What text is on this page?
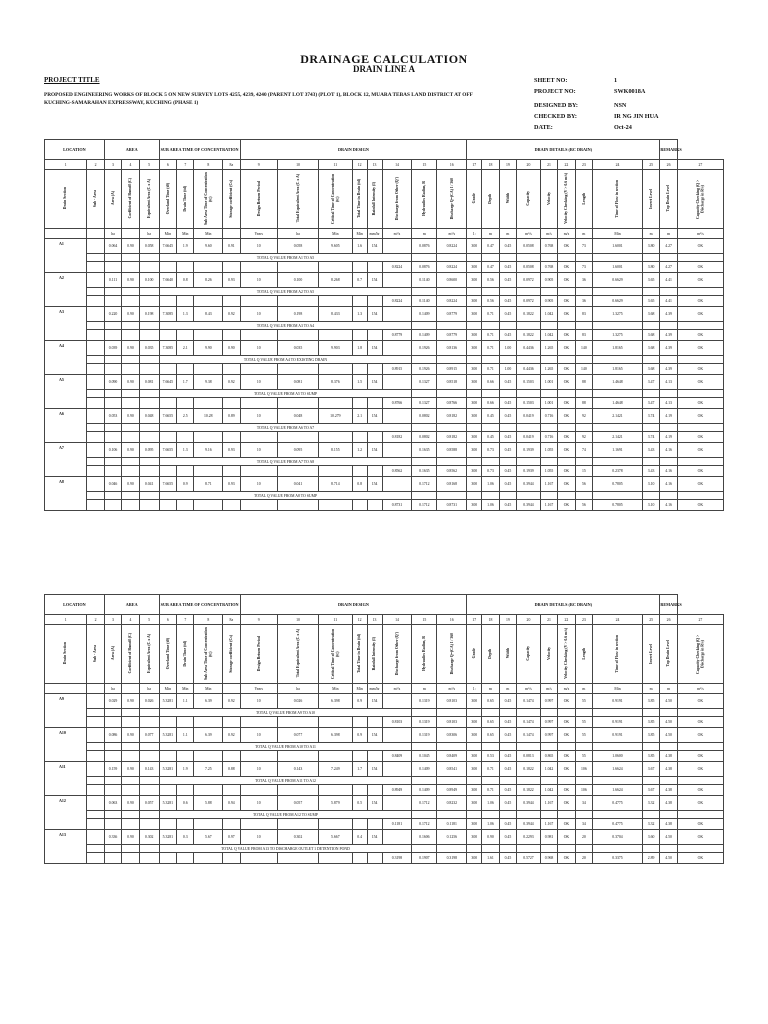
DRAINAGE CALCULATION
DRAIN LINE A
PROJECT TITLE
PROPOSED ENGINEERING WORKS OF BLOCK 5 ON NEW SURVEY LOTS 4255, 4239, 4240 (PARENT LOT 3743) (PLOT 1), BLOCK 12, MUARA TEBAS LAND DISTRICT AT OFF KUCHING-SAMARAHAN EXPRESSWAY, KUCHING (PHASE 1)
SHEET NO:	1
PROJECT NO:	SWK0018A
DESIGNED BY:	NSN
CHECKED BY:	IR NG JIN HUA
DATE:	Oct-24
LOCATION		AREA			SUB AREA TIME OF CONCENTRATION				DRAIN DESIGN								DRAIN DETAILS (RC DRAIN)									REMARKS	
1	2	3	4	5	6	7	8	8a	9	10	11	12	13	14	15	16	17	18	19	20	21	22	23	24	25	26	27
Drain Section	Sub - Area	Area (A)	Coefficient of Runoff (C)	Equivalent Area (C x A)	Overland Time (t0)	Drain Time (td)	Sub Area Time of Concentration (tc)	Storage coefficient (Cs)	Design Return Period	Total Equivalent Area (C x A)	Critical Time of Concentration (tc)	Total Time in Drain (td)	Rainfall Intensity (I)	Discharge from Other (Q')	Hydraulics Radius, R	Discharge Q=(CA) I / 360	Grade	Depth	Width	Capacity	Velocity	Velocity Checking (V > 0.6 m/s)	Length	Time of Flow in section	Invert Level	Top Drain Level	Capacity Checking (Q > Discharge in R/s)
		ha		ha	Min	Min	Min		Years	ha	Min	Min	mm/hr	m³/s	m	m³/s	1:	m	m	m³/s	m/s	m/s	m	Min	m	m	m³/s
A1		0.064	0.90	0.058	7.6645	1.9	9.60	0.91	10	0.058	9.605	1.6	154		0.0876	0.8224	300	0.47	0.45	0.0508	0.768	OK	73	1.6001	3.80	4.27	OK
					TOTAL Q VALUE FROM A1 TO A5																						
														0.8224	0.0876	0.8224	300	0.47	0.45	0.0508	0.768	OK	73	1.6001	3.80	4.27	OK
A2		0.111	0.90	0.100	7.6640	0.8	8.26	0.93	10	0.100	8.268	0.7	154		0.1140	0.8600	300	0.56	0.45	0.0972	0.905	OK	36	0.6629	3.65	4.41	OK
					TOTAL Q VALUE FROM A2 TO A5																						
														0.8224	0.1140	0.8224	300	0.56	0.45	0.0972	0.905	OK	36	0.6629	3.65	4.41	OK
A3		0.220	0.90	0.198	7.3085	1.3	8.43	0.92	10	0.198	8.433	1.3	154		0.1409	0.8779	300	0.71	0.45	0.1822	1.042	OK	83	1.3275	3.68	4.39	OK
					TOTAL Q VALUE FROM A3 TO A4																						
														0.8779	0.1409	0.8779	300	0.71	0.45	0.1822	1.042	OK	83	1.3275	3.68	4.39	OK
A4		0.039	0.90	0.035	7.3085	2.1	9.90	0.90	10	0.035	9.903	1.8	154		0.1926	0.8136	300	0.71	1.00	0.4436	1.265	OK	140	1.8165	3.68	4.39	OK
					TOTAL Q VALUE FROM A4 TO EXISTING DRAIN																						
														0.8915	0.1926	0.8915	300	0.71	1.00	0.4436	1.265	OK	140	1.8165	3.68	4.39	OK
A5		0.090	0.90	0.081	7.6645	1.7	9.38	0.92	10	0.081	8.376	1.5	154		0.1327	0.8518	300	0.66	0.45	0.1503	1.001	OK	88	1.4648	3.47	4.13	OK
					TOTAL Q VALUE FROM A5 TO SUMP																						
														0.8766	0.1327	0.8766	300	0.66	0.45	0.1503	1.001	OK	88	1.4648	3.47	4.13	OK
A6		0.053	0.90	0.048	7.6655	2.5	10.28	0.89	10	0.048	10.279	2.1	154		0.0802	0.8182	300	0.45	0.45	0.0419	0.716	OK	92	2.1421	3.74	4.19	OK
					TOTAL Q VALUE FROM A6 TO A7																						
														0.8182	0.0802	0.8182	300	0.45	0.45	0.0419	0.716	OK	92	2.1421	3.74	4.19	OK
A7		0.106	0.90	0.095	7.6655	1.3	9.16	0.93	10	0.095	8.155	1.2	154		0.1635	0.8588	300	0.73	0.45	0.1939	1.055	OK	74	1.1691	3.43	4.16	OK
					TOTAL Q VALUE FROM A7 TO A8																						
														0.8562	0.1635	0.8562	300	0.73	0.45	0.1939	1.055	OK	15	0.2378	3.43	4.16	OK
A8		0.046	0.90	0.041	7.6655	0.9	8.71	0.93	10	0.041	8.714	0.8	154		0.1712	0.8168	300	1.06	0.45	0.3944	1.167	OK	56	0.7805	3.10	4.16	OK
					TOTAL Q VALUE FROM A8 TO SUMP																						
														0.8731	0.1712	0.8731	300	1.06	0.45	0.3944	1.167	OK	56	0.7805	3.10	4.16	OK
LOCATION		AREA			SUB AREA TIME OF CONCENTRATION				DRAIN DESIGN								DRAIN DETAILS (RC DRAIN)									REMARKS	
1	2	3	4	5	6	7	8	8a	9	10	11	12	13	14	15	16	17	18	19	20	21	22	23	24	25	26	27
Drain Section	Sub - Area	Area (A)	Coefficient of Runoff (C)	Equivalent Area (C x A)	Overland Time (t0)	Drain Time (td)	Sub Area Time of Concentration (tc)	Storage coefficient (Cs)	Design Return Period	Total Equivalent Area (C x A)	Critical Time of Concentration (tc)	Total Time in Drain (td)	Rainfall Intensity (I)	Discharge from Other (Q')	Hydraulics Radius, R	Discharge Q=(CA) I / 360	Grade	Depth	Width	Capacity	Velocity	Velocity Checking (V > 0.6 m/s)	Length	Time of Flow in section	Invert Level	Top Drain Level	Capacity Checking (Q > Discharge in R/s)
		ha		ha	Min	Min	Min		Years	ha	Min	Min	mm/hr	m³/s	m	m³/s	1:	m	m	m³/s	m/s	m/s	m	Min	m	m	m³/s
A9		0.029	0.90	0.026	5.3281	1.1	6.39	0.92	10	0.026	6.398	0.9	154		0.1319	0.8103	300	0.65	0.45	0.1474	0.997	OK	55	0.9191	3.85	4.50	OK
					TOTAL Q VALUE FROM A9 TO A10																						
														0.8103	0.1319	0.8103	300	0.65	0.45	0.1474	0.997	OK	55	0.9191	3.85	4.50	OK
A10		0.086	0.90	0.077	5.3281	1.1	6.39	0.92	10	0.077	6.398	0.9	154		0.1319	0.8306	300	0.65	0.45	0.1474	0.997	OK	55	0.9191	3.85	4.50	OK
					TOTAL Q VALUE FROM A10 TO A11																						
														0.8409	0.1045	0.8409	300	0.53	0.45	0.0813	0.865	OK	55	1.0600	3.85	4.38	OK
A11		0.159	0.90	0.143	5.3281	1.9	7.25	0.88	10	0.143	7.249	1.7	154		0.1409	0.8541	300	0.71	0.45	0.1822	1.042	OK	106	1.6624	3.67	4.38	OK
					TOTAL Q VALUE FROM A11 TO A12																						
														0.8949	0.1409	0.8949	300	0.71	0.45	0.1822	1.042	OK	106	1.6624	3.67	4.38	OK
A12		0.063	0.90	0.057	5.3281	0.6	5.88	0.94	10	0.057	5.879	0.5	154		0.1712	0.8232	300	1.06	0.45	0.3944	1.167	OK	34	0.4775	3.32	4.38	OK
					TOTAL Q VALUE FROM A12 TO SUMP																						
														0.1181	0.1712	0.1181	300	1.06	0.45	0.3944	1.167	OK	34	0.4775	3.32	4.38	OK
A13		0.336	0.90	0.302	5.3281	0.3	5.67	0.97	10	0.302	5.667	0.4	154		0.1606	0.1256	300	0.90	0.45	0.2293	0.981	OK	20	0.3704	3.60	4.50	OK
					TOTAL Q VALUE FROM A13 TO DISCHARGE OUTLET 1 DETENTION POND																						
														0.3198	0.1907	0.3198	300	1.61	0.45	0.5727	0.968	OK	20	0.3375	2.89	4.50	OK
